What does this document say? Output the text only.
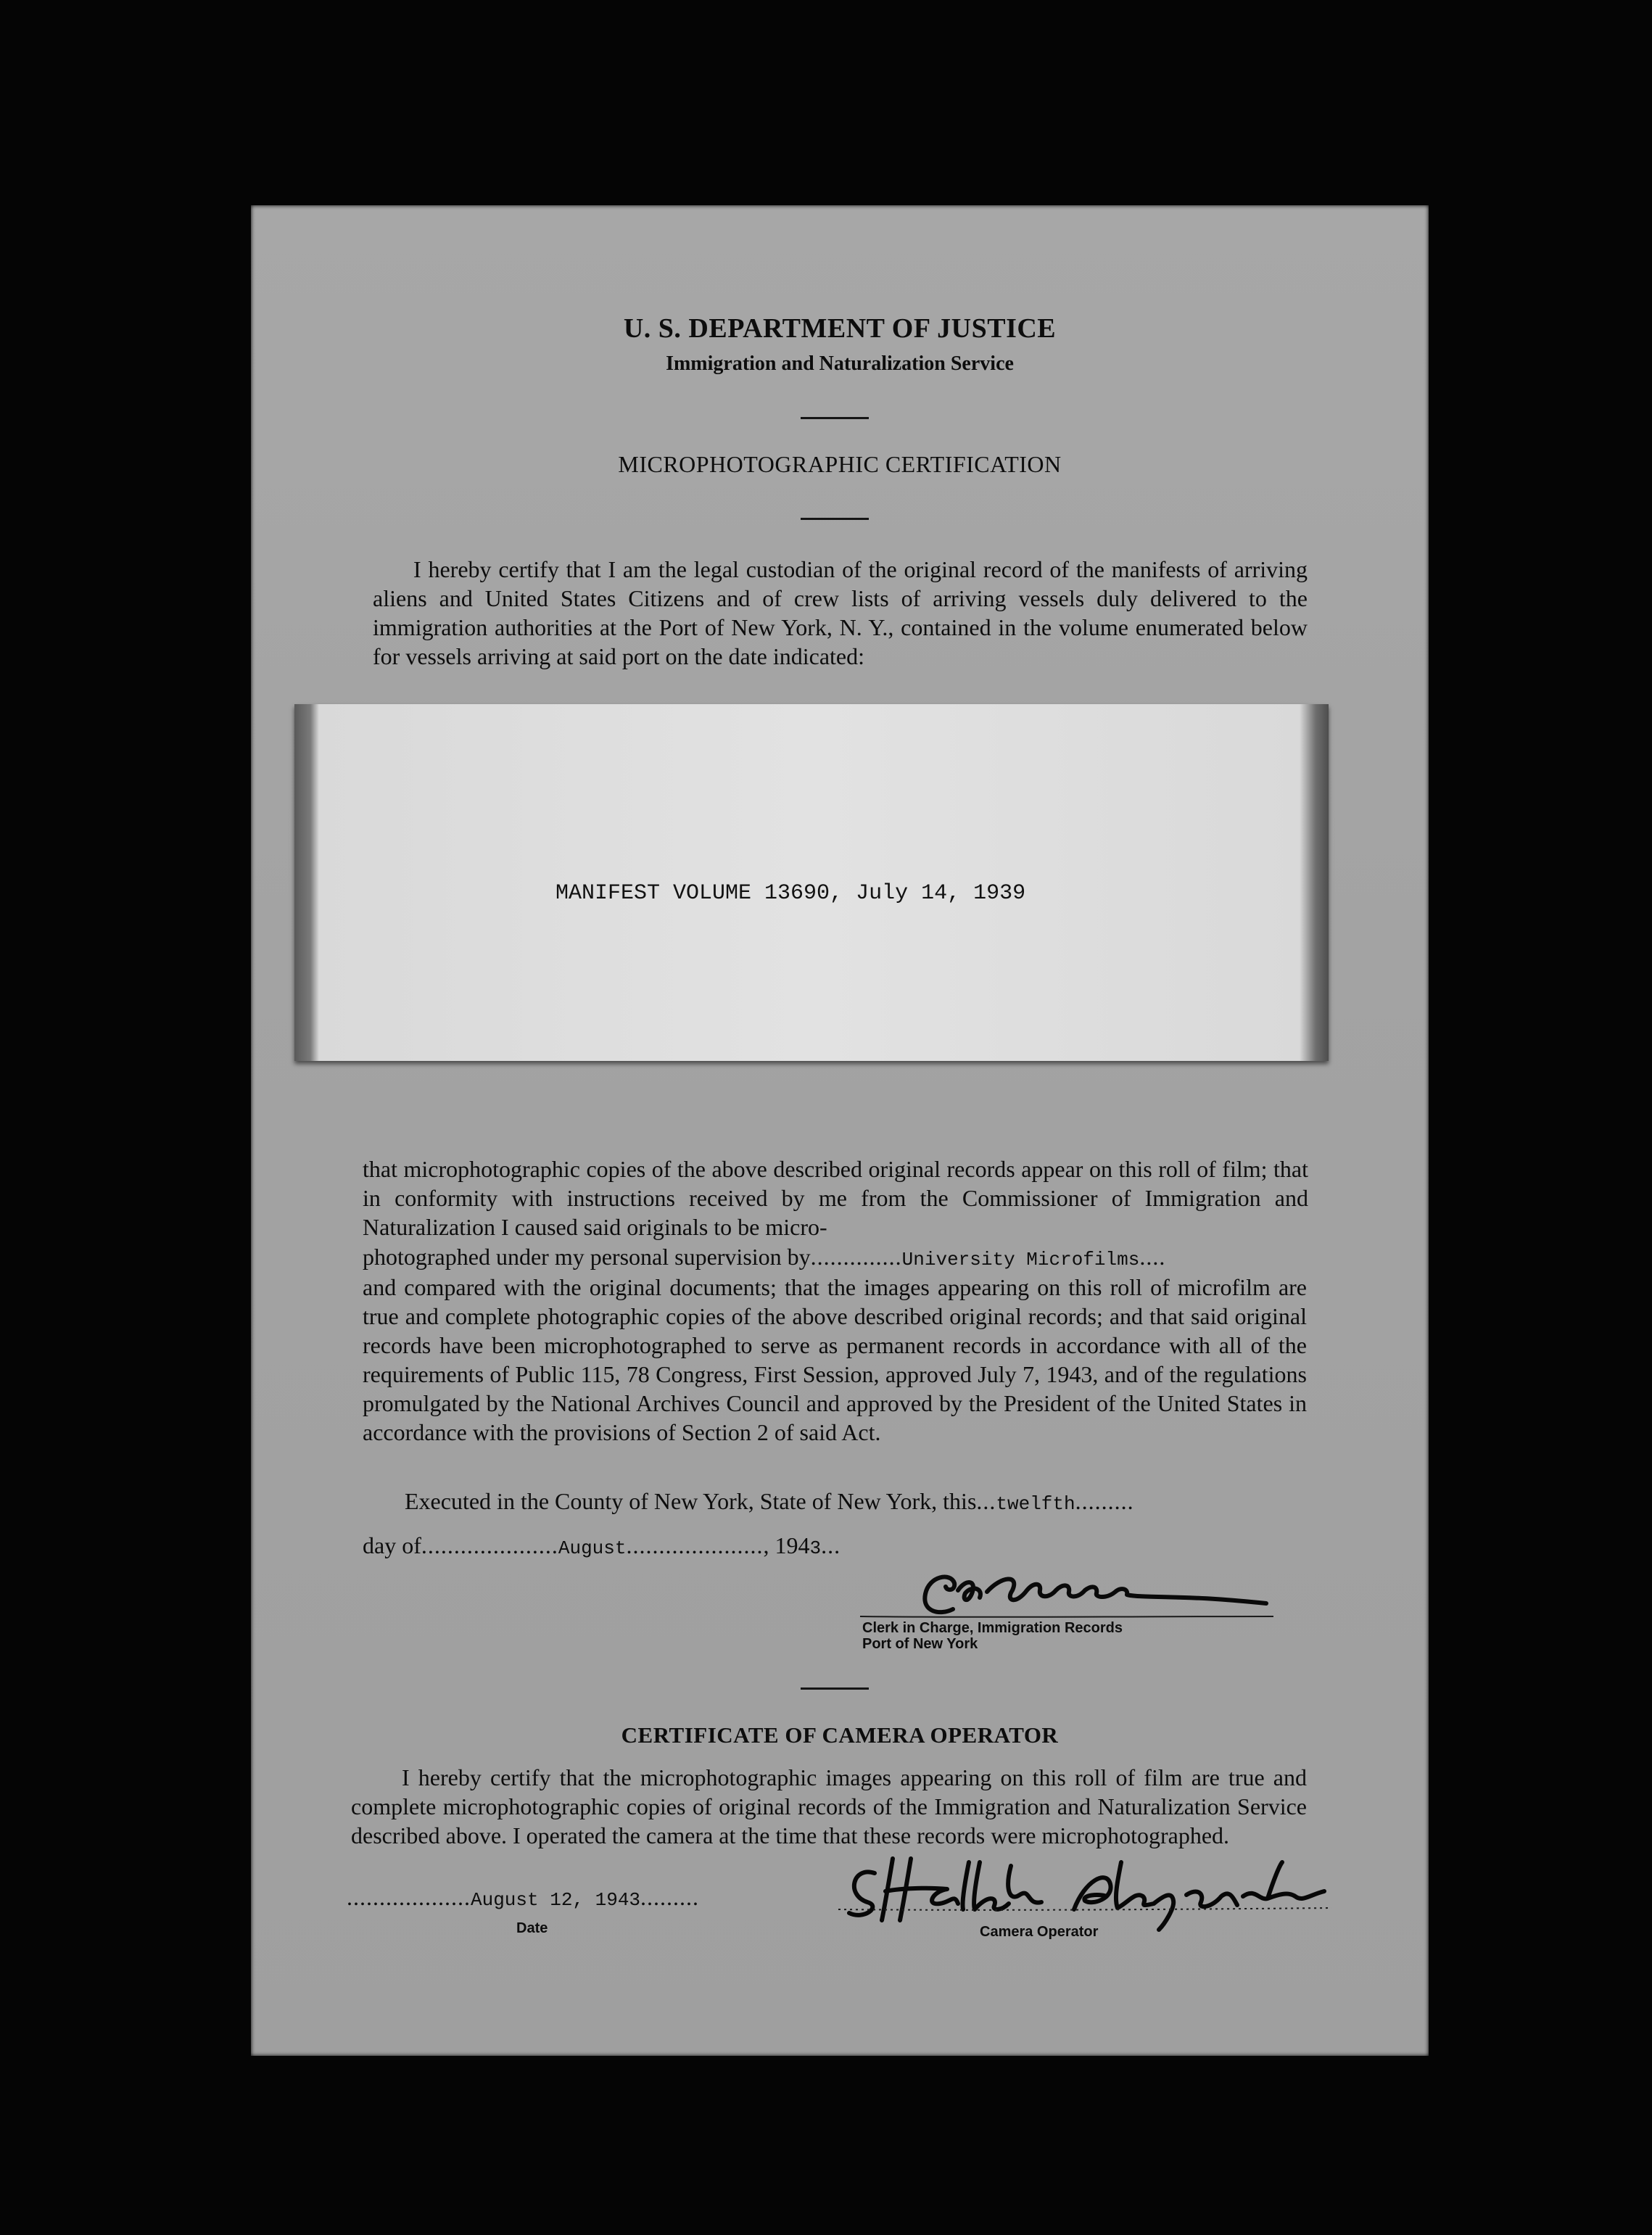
U. S. DEPARTMENT OF JUSTICE
Immigration and Naturalization Service
MICROPHOTOGRAPHIC CERTIFICATION
I hereby certify that I am the legal custodian of the original record of the manifests of arriving aliens and United States Citizens and of crew lists of arriving vessels duly delivered to the immigration authorities at the Port of New York, N. Y., contained in the volume enumerated below for vessels arriving at said port on the date indicated:
MANIFEST VOLUME 13690, July 14, 1939
that microphotographic copies of the above described original records appear on this roll of film; that in conformity with instructions received by me from the Commissioner of Immigration and Naturalization I caused said originals to be micro-
photographed under my personal supervision by..............University Microfilms....
and compared with the original documents; that the images appearing on this roll of microfilm are true and complete photographic copies of the above described original records; and that said original records have been microphotographed to serve as permanent records in accordance with all of the requirements of Public 115, 78 Congress, First Session, approved July 7, 1943, and of the regulations promulgated by the National Archives Council and approved by the President of the United States in accordance with the provisions of Section 2 of said Act.
Executed in the County of New York, State of New York, this...twelfth.........
day of.....................August....................., 1943...
Clerk in Charge, Immigration Records
Port of New York
CERTIFICATE OF CAMERA OPERATOR
I hereby certify that the microphotographic images appearing on this roll of film are true and complete microphotographic copies of original records of the Immigration and Naturalization Service described above. I operated the camera at the time that these records were microphotographed.
...................August 12, 1943.........
Date	Camera Operator
